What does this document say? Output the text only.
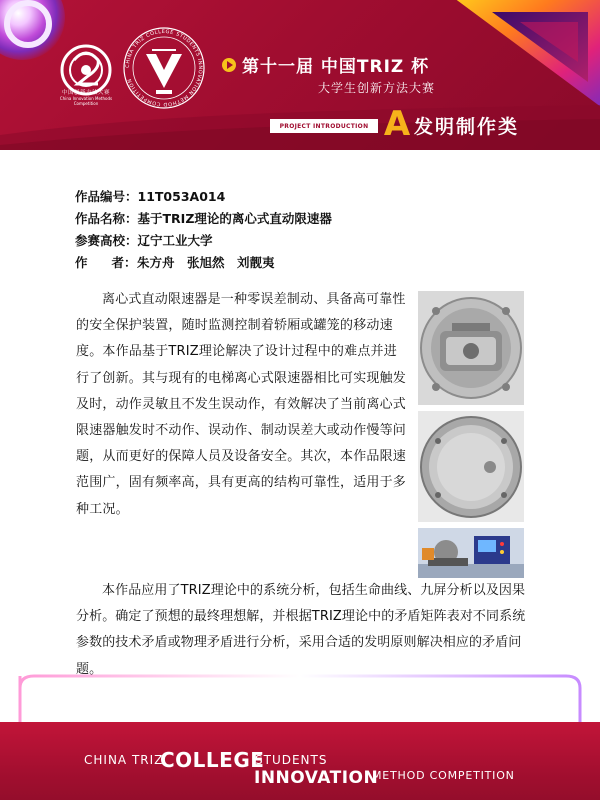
中国创新方法大赛
China Innovation Methods Competition
CHINA TRIZ COLLEGE STUDENTS INNOVATION METHOD COMPETITION
第十一届 中国TRIZ 杯
大学生创新方法大赛
PROJECT INTRODUCTION A 发明制作类
作品编号：11T053A014
作品名称：基于TRIZ理论的离心式直动限速器
参赛高校：辽宁工业大学
作 者：朱方舟　张旭然　刘靓夷
离心式直动限速器是一种零误差制动、具备高可靠性的安全保护装置，随时监测控制着轿厢或罐笼的移动速度。本作品基于TRIZ理论解决了设计过程中的难点并进行了创新。其与现有的电梯离心式限速器相比可实现触发及时，动作灵敏且不发生误动作，有效解决了当前离心式限速器触发时不动作、误动作、制动误差大或动作慢等问题，从而更好的保障人员及设备安全。其次，本作品限速范围广，固有频率高，具有更高的结构可靠性，适用于多种工况。
本作品应用了TRIZ理论中的系统分析，包括生命曲线、九屏分析以及因果分析。确定了预想的最终理想解，并根据TRIZ理论中的矛盾矩阵表对不同系统参数的技术矛盾或物理矛盾进行分析，采用合适的发明原则解决相应的矛盾问题。
CHINA TRIZ
COLLEGE
STUDENTS
INNOVATION
METHOD COMPETITION
